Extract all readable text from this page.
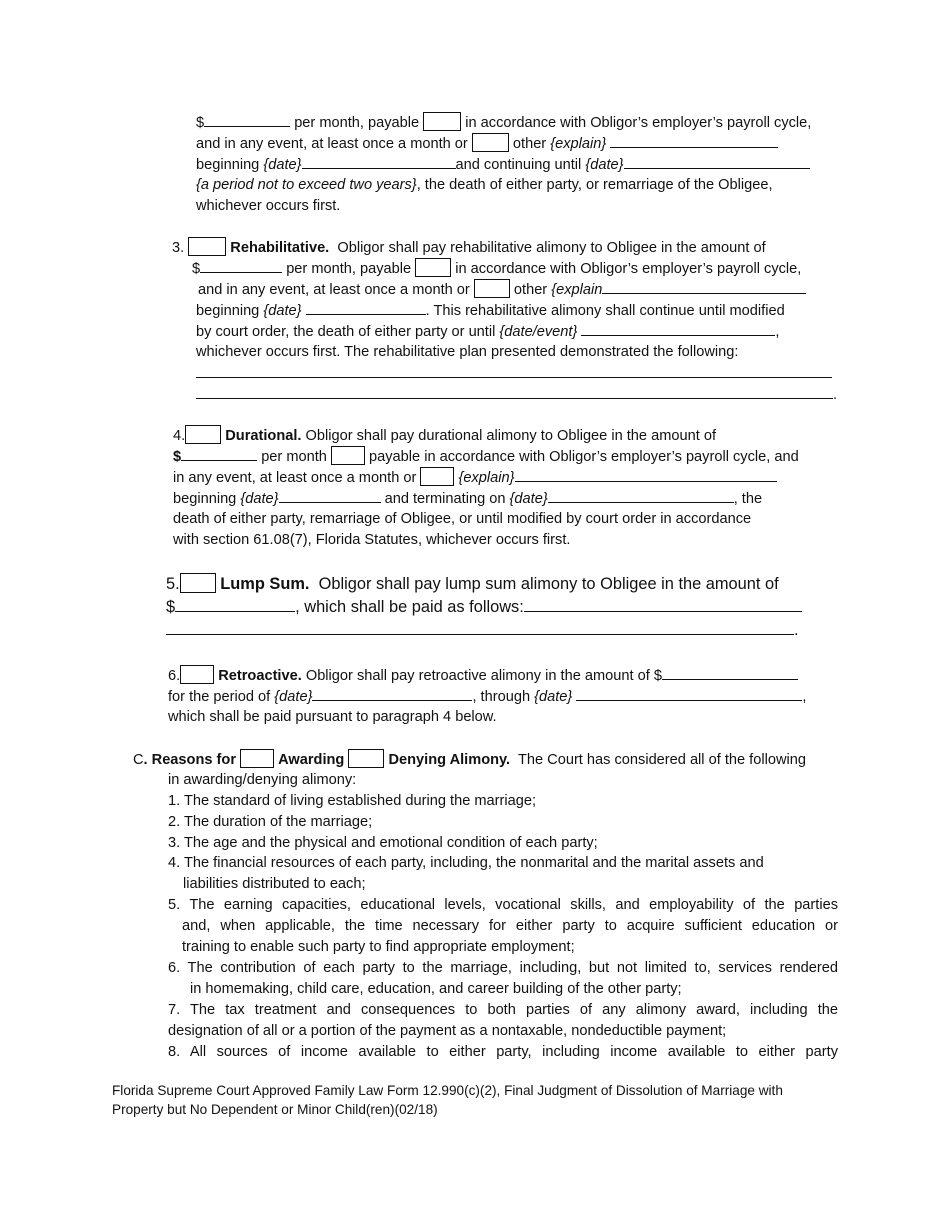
$	per month, payable	in accordance with Obligor’s employer’s payroll cycle,
and in any event, at least once a month or	other {explain}
beginning {date}	and continuing until {date}
{a period not to exceed two years}, the death of either party, or remarriage of the Obligee,
whichever occurs first.
3.	Rehabilitative. Obligor shall pay rehabilitative alimony to Obligee in the amount of
$	per month, payable	in accordance with Obligor’s employer’s payroll cycle,
and in any event, at least once a month or	other {explain
beginning {date}	. This rehabilitative alimony shall continue until modified
by court order, the death of either party or until {date/event}	,
whichever occurs first. The rehabilitative plan presented demonstrated the following:
.
4.	Durational. Obligor shall pay durational alimony to Obligee in the amount of
$	per month	payable in accordance with Obligor’s employer’s payroll cycle, and
in any event, at least once a month or	{explain}
beginning {date}	and terminating on {date}	, the
death of either party, remarriage of Obligee, or until modified by court order in accordance
with section 61.08(7), Florida Statutes, whichever occurs first.
5. Lump Sum. Obligor shall pay lump sum alimony to Obligee in the amount of
$	, which shall be paid as follows:
.
6.	Retroactive. Obligor shall pay retroactive alimony in the amount of $
for the period of {date}	, through {date}	,
which shall be paid pursuant to paragraph 4 below.
C. Reasons for	Awarding	Denying Alimony. The Court has considered all of the following
in awarding/denying alimony:
1. The standard of living established during the marriage;
2. The duration of the marriage;
3. The age and the physical and emotional condition of each party;
4. The financial resources of each party, including, the nonmarital and the marital assets and
liabilities distributed to each;
5. The earning capacities, educational levels, vocational skills, and employability of the parties
and, when applicable, the time necessary for either party to acquire sufficient education or
training to enable such party to find appropriate employment;
6. The contribution of each party to the marriage, including, but not limited to, services rendered
in homemaking, child care, education, and career building of the other party;
7. The tax treatment and consequences to both parties of any alimony award, including the
designation of all or a portion of the payment as a nontaxable, nondeductible payment;
8. All sources of income available to either party, including income available to either party
Florida Supreme Court Approved Family Law Form 12.990(c)(2), Final Judgment of Dissolution of Marriage with
Property but No Dependent or Minor Child(ren)(02/18)
